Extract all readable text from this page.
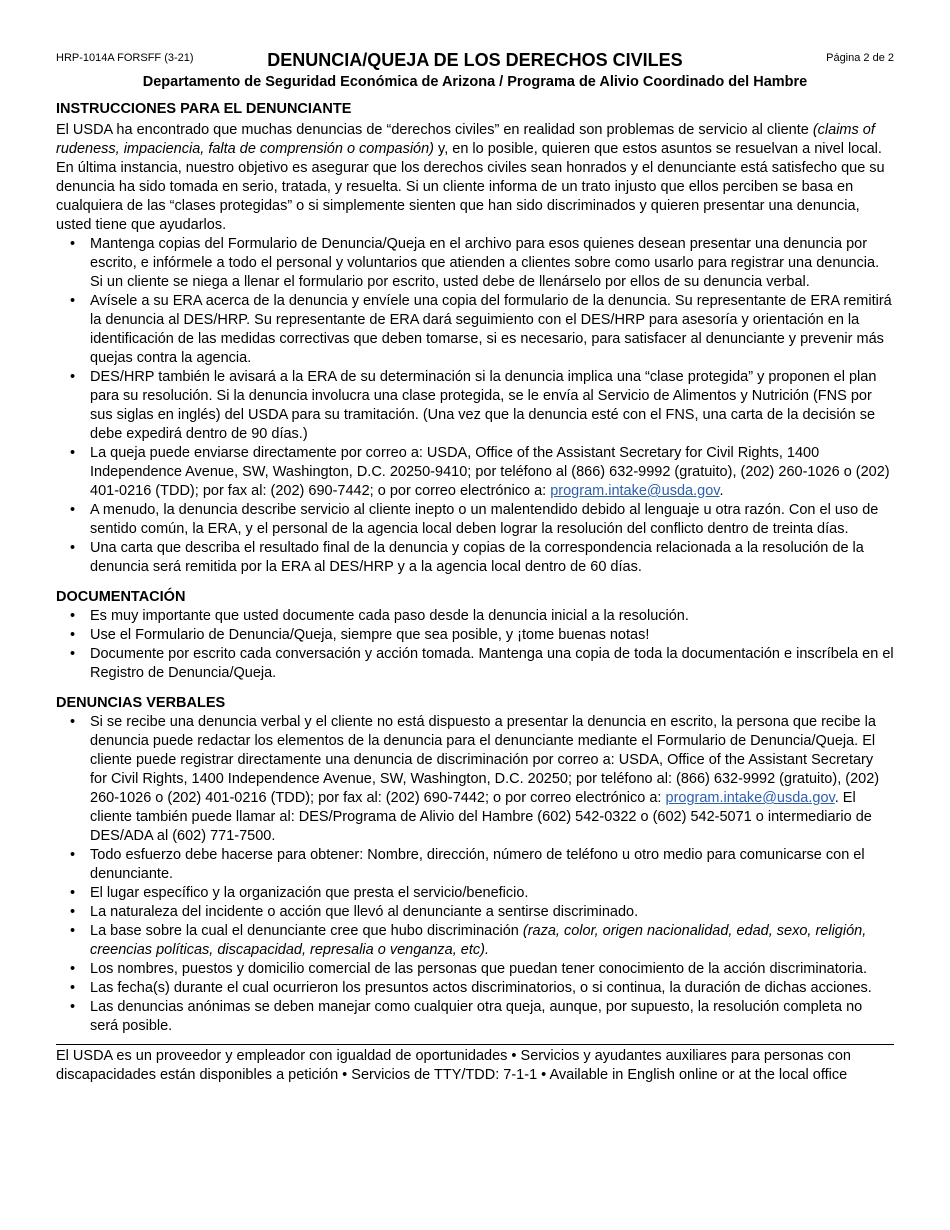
HRP-1014A FORSFF (3-21)	DENUNCIA/QUEJA DE LOS DERECHOS CIVILES	Página 2 de 2
Departamento de Seguridad Económica de Arizona / Programa de Alivio Coordinado del Hambre
INSTRUCCIONES PARA EL DENUNCIANTE

El USDA ha encontrado que muchas denuncias de “derechos civiles” en realidad son problemas de servicio al cliente (claims of rudeness, impaciencia, falta de comprensión o compasión) y, en lo posible, quieren que estos asuntos se resuelvan a nivel local. En última instancia, nuestro objetivo es asegurar que los derechos civiles sean honrados y el denunciante está satisfecho que su denuncia ha sido tomada en serio, tratada, y resuelta. Si un cliente informa de un trato injusto que ellos perciben se basa en cualquiera de las “clases protegidas” o si simplemente sienten que han sido discriminados y quieren presentar una denuncia, usted tiene que ayudarlos.

• Mantenga copias del Formulario de Denuncia/Queja en el archivo para esos quienes desean presentar una denuncia por escrito, e infórmele a todo el personal y voluntarios que atienden a clientes sobre como usarlo para registrar una denuncia. Si un cliente se niega a llenar el formulario por escrito, usted debe de llenárselo por ellos de su denuncia verbal.
• Avísele a su ERA acerca de la denuncia y envíele una copia del formulario de la denuncia. Su representante de ERA remitirá la denuncia al DES/HRP. Su representante de ERA dará seguimiento con el DES/HRP para asesoría y orientación en la identificación de las medidas correctivas que deben tomarse, si es necesario, para satisfacer al denunciante y prevenir más quejas contra la agencia.
• DES/HRP también le avisará a la ERA de su determinación si la denuncia implica una “clase protegida” y proponen el plan para su resolución. Si la denuncia involucra una clase protegida, se le envía al Servicio de Alimentos y Nutrición (FNS por sus siglas en inglés) del USDA para su tramitación. (Una vez que la denuncia esté con el FNS, una carta de la decisión se debe expedirá dentro de 90 días.)
• La queja puede enviarse directamente por correo a: USDA, Office of the Assistant Secretary for Civil Rights, 1400 Independence Avenue, SW, Washington, D.C. 20250-9410; por teléfono al (866) 632-9992 (gratuito), (202) 260-1026 o (202) 401-0216 (TDD); por fax al: (202) 690-7442; o por correo electrónico a: program.intake@usda.gov.
• A menudo, la denuncia describe servicio al cliente inepto o un malentendido debido al lenguaje u otra razón. Con el uso de sentido común, la ERA, y el personal de la agencia local deben lograr la resolución del conflicto dentro de treinta días.
• Una carta que describa el resultado final de la denuncia y copias de la correspondencia relacionada a la resolución de la denuncia será remitida por la ERA al DES/HRP y a la agencia local dentro de 60 días.
DOCUMENTACIÓN
• Es muy importante que usted documente cada paso desde la denuncia inicial a la resolución.
• Use el Formulario de Denuncia/Queja, siempre que sea posible, y ¡tome buenas notas!
• Documente por escrito cada conversación y acción tomada. Mantenga una copia de toda la documentación e inscríbela en el Registro de Denuncia/Queja.
DENUNCIAS VERBALES
• Si se recibe una denuncia verbal y el cliente no está dispuesto a presentar la denuncia en escrito, la persona que recibe la denuncia puede redactar los elementos de la denuncia para el denunciante mediante el Formulario de Denuncia/Queja. El cliente puede registrar directamente una denuncia de discriminación por correo a: USDA, Office of the Assistant Secretary for Civil Rights, 1400 Independence Avenue, SW, Washington, D.C. 20250; por teléfono al: (866) 632-9992 (gratuito), (202) 260-1026 o (202) 401-0216 (TDD); por fax al: (202) 690-7442; o por correo electrónico a: program.intake@usda.gov. El cliente también puede llamar al: DES/Programa de Alivio del Hambre (602) 542-0322 o (602) 542-5071 o intermediario de DES/ADA al (602) 771-7500.
• Todo esfuerzo debe hacerse para obtener: Nombre, dirección, número de teléfono u otro medio para comunicarse con el denunciante.
• El lugar específico y la organización que presta el servicio/beneficio.
• La naturaleza del incidente o acción que llevó al denunciante a sentirse discriminado.
• La base sobre la cual el denunciante cree que hubo discriminación (raza, color, origen nacionalidad, edad, sexo, religión, creencias políticas, discapacidad, represalia o venganza, etc).
• Los nombres, puestos y domicilio comercial de las personas que puedan tener conocimiento de la acción discriminatoria.
• Las fecha(s) durante el cual ocurrieron los presuntos actos discriminatorios, o si continua, la duración de dichas acciones.
• Las denuncias anónimas se deben manejar como cualquier otra queja, aunque, por supuesto, la resolución completa no será posible.

El USDA es un proveedor y empleador con igualdad de oportunidades • Servicios y ayudantes auxiliares para personas con discapacidades están disponibles a petición • Servicios de TTY/TDD: 7-1-1 • Available in English online or at the local office
